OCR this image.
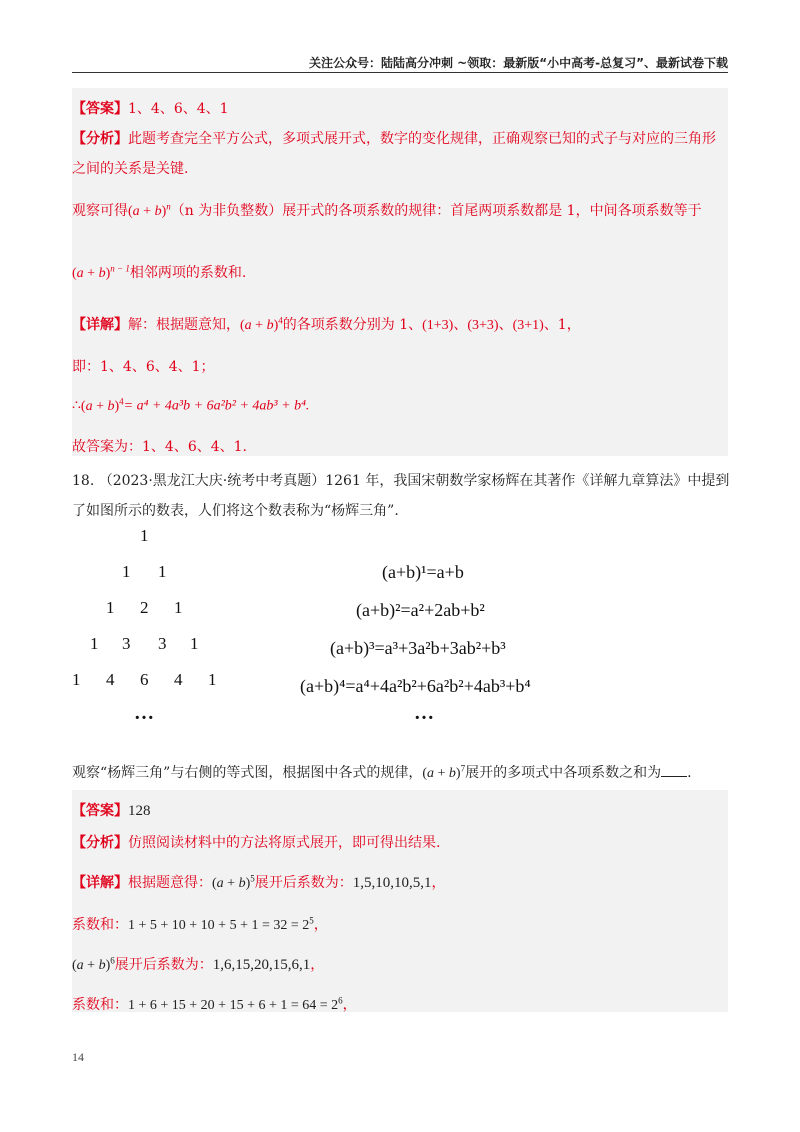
关注公众号：陆陆高分冲刺 ~领取：最新版“小中高考-总复习”、最新试卷下载
【答案】1、4、6、4、1
【分析】此题考查完全平方公式，多项式展开式，数字的变化规律，正确观察已知的式子与对应的三角形
之间的关系是关键.
观察可得$(a + b)^n(n$ 为非负整数）展开式的各项系数的规律：首尾两项系数都是 1，中间各项系数等于
$(a + b)^{n - 1}$相邻两项的系数和.
【详解】解：根据题意知，$(a + b)^4$的各项系数分别为 1、(1+3)、(3+3)、(3+1)、1，
即：1、4、6、4、1；
∴(a + b)$^4$= a⁴ + 4a³b + 6a²b² + 4ab³ + b⁴.
故答案为：1、4、6、4、1.
18. （2023·黑龙江大庆·统考中考真题）1261 年，我国宋朝数学家杨辉在其著作《详解九章算法》中提到
了如图所示的数表，人们将这个数表称为“杨辉三角”.
1
1 1
1 2 1
1 3 3 1
1 4 6 4 1
…
(a+b)¹=a+b
(a+b)²=a²+2ab+b²
(a+b)³=a³+3a²b+3ab²+b³
(a+b)⁴=a⁴+4a²b²+6a²b²+4ab³+b⁴
…
观察“杨辉三角”与右侧的等式图，根据图中各式的规律，$(a + b)^7$展开的多项式中各项系数之和为 .
【答案】128
【分析】仿照阅读材料中的方法将原式展开，即可得出结果.
【详解】根据题意得：$(a + b)^5$展开后系数为：1,5,10,10,5,1，
系数和：$1 + 5 + 10 + 10 + 5 + 1 = 32 = 2^5$，
$(a + b)^6$展开后系数为：1,6,15,20,15,6,1，
系数和：$1 + 6 + 15 + 20 + 15 + 6 + 1 = 64 = 2^6$，
14
